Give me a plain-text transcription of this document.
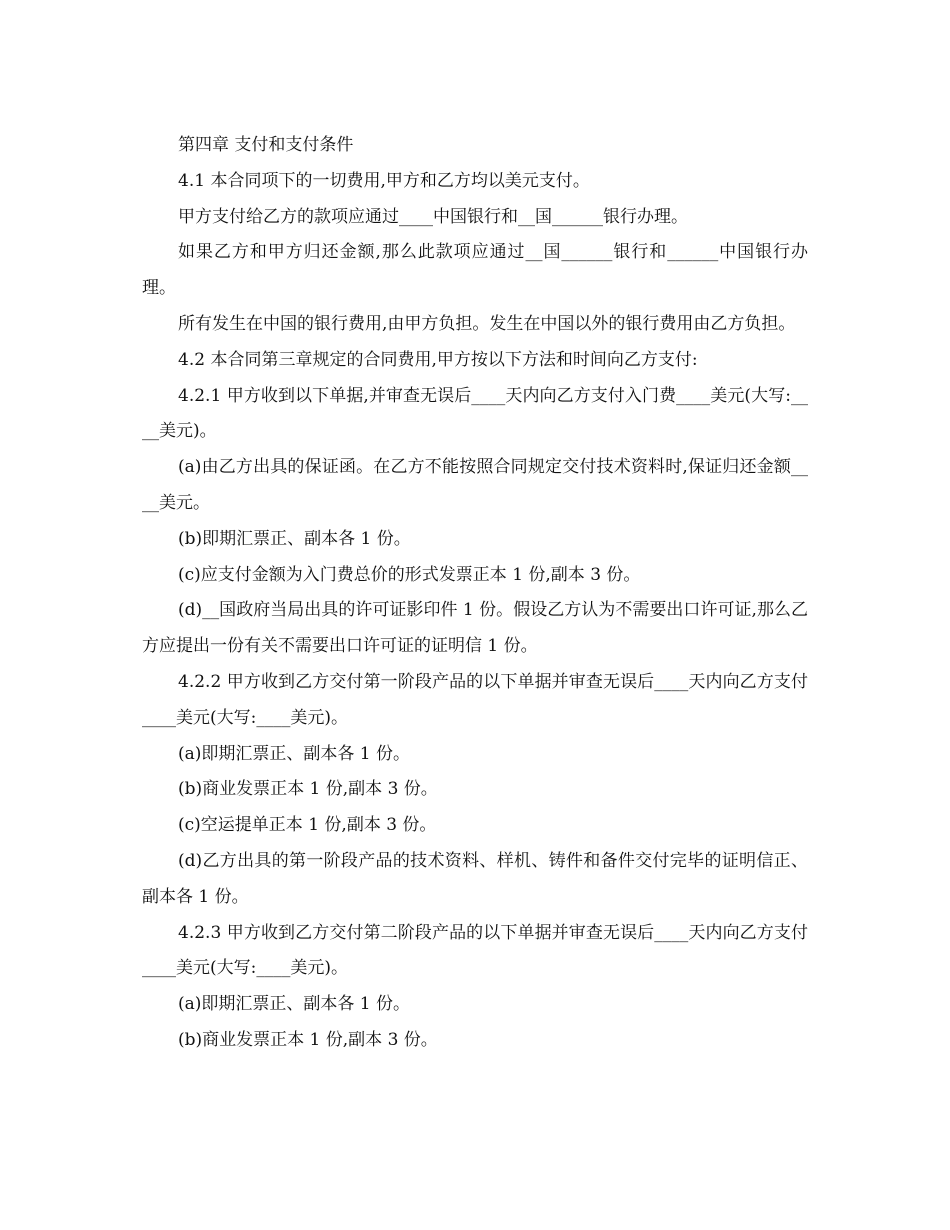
第四章 支付和支付条件

4.1 本合同项下的一切费用,甲方和乙方均以美元支付。

甲方支付给乙方的款项应通过____中国银行和__国______银行办理。

如果乙方和甲方归还金额,那么此款项应通过__国______银行和______中国银行办理。

所有发生在中国的银行费用,由甲方负担。发生在中国以外的银行费用由乙方负担。

4.2 本合同第三章规定的合同费用,甲方按以下方法和时间向乙方支付:

4.2.1 甲方收到以下单据,并审查无误后____天内向乙方支付入门费____美元(大写:____美元)。

(a)由乙方出具的保证函。在乙方不能按照合同规定交付技术资料时,保证归还金额____美元。

(b)即期汇票正、副本各 1 份。

(c)应支付金额为入门费总价的形式发票正本 1 份,副本 3 份。

(d)__国政府当局出具的许可证影印件 1 份。假设乙方认为不需要出口许可证,那么乙方应提出一份有关不需要出口许可证的证明信 1 份。

4.2.2 甲方收到乙方交付第一阶段产品的以下单据并审查无误后____天内向乙方支付____美元(大写:____美元)。

(a)即期汇票正、副本各 1 份。

(b)商业发票正本 1 份,副本 3 份。

(c)空运提单正本 1 份,副本 3 份。

(d)乙方出具的第一阶段产品的技术资料、样机、铸件和备件交付完毕的证明信正、副本各 1 份。

4.2.3 甲方收到乙方交付第二阶段产品的以下单据并审查无误后____天内向乙方支付____美元(大写:____美元)。

(a)即期汇票正、副本各 1 份。

(b)商业发票正本 1 份,副本 3 份。
